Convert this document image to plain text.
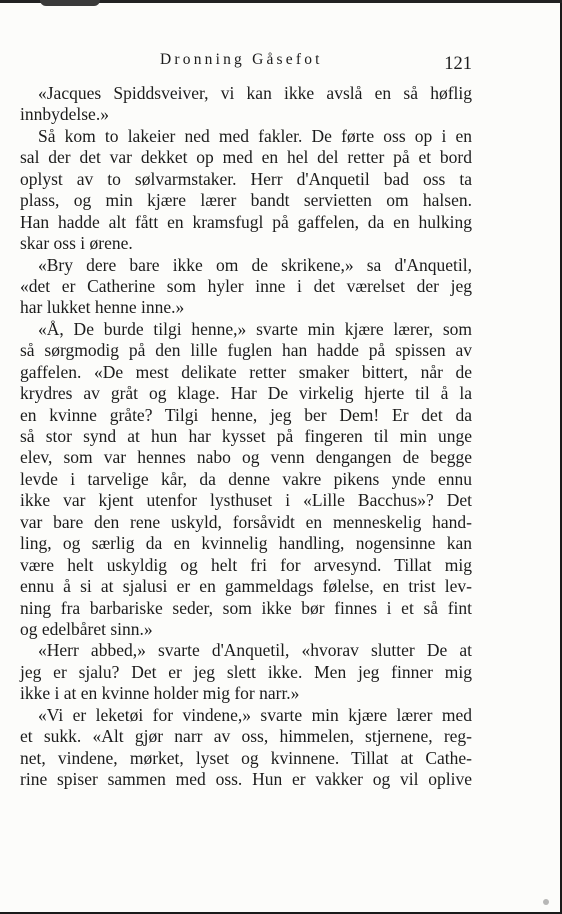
Dronning Gåsefot	121
«Jacques Spiddsveiver, vi kan ikke avslå en så høflig
innbydelse.»
Så kom to lakeier ned med fakler. De førte oss op i en
sal der det var dekket op med en hel del retter på et bord
oplyst av to sølvarmstaker. Herr d'Anquetil bad oss ta
plass, og min kjære lærer bandt servietten om halsen.
Han hadde alt fått en kramsfugl på gaffelen, da en hulking
skar oss i ørene.
«Bry dere bare ikke om de skrikene,» sa d'Anquetil,
«det er Catherine som hyler inne i det værelset der jeg
har lukket henne inne.»
«Å, De burde tilgi henne,» svarte min kjære lærer, som
så sørgmodig på den lille fuglen han hadde på spissen av
gaffelen. «De mest delikate retter smaker bittert, når de
krydres av gråt og klage. Har De virkelig hjerte til å la
en kvinne gråte? Tilgi henne, jeg ber Dem! Er det da
så stor synd at hun har kysset på fingeren til min unge
elev, som var hennes nabo og venn dengangen de begge
levde i tarvelige kår, da denne vakre pikens ynde ennu
ikke var kjent utenfor lysthuset i «Lille Bacchus»? Det
var bare den rene uskyld, forsåvidt en menneskelig hand-
ling, og særlig da en kvinnelig handling, nogensinne kan
være helt uskyldig og helt fri for arvesynd. Tillat mig
ennu å si at sjalusi er en gammeldags følelse, en trist lev-
ning fra barbariske seder, som ikke bør finnes i et så fint
og edelbåret sinn.»
«Herr abbed,» svarte d'Anquetil, «hvorav slutter De at
jeg er sjalu? Det er jeg slett ikke. Men jeg finner mig
ikke i at en kvinne holder mig for narr.»
«Vi er leketøi for vindene,» svarte min kjære lærer med
et sukk. «Alt gjør narr av oss, himmelen, stjernene, reg-
net, vindene, mørket, lyset og kvinnene. Tillat at Cathe-
rine spiser sammen med oss. Hun er vakker og vil oplive
